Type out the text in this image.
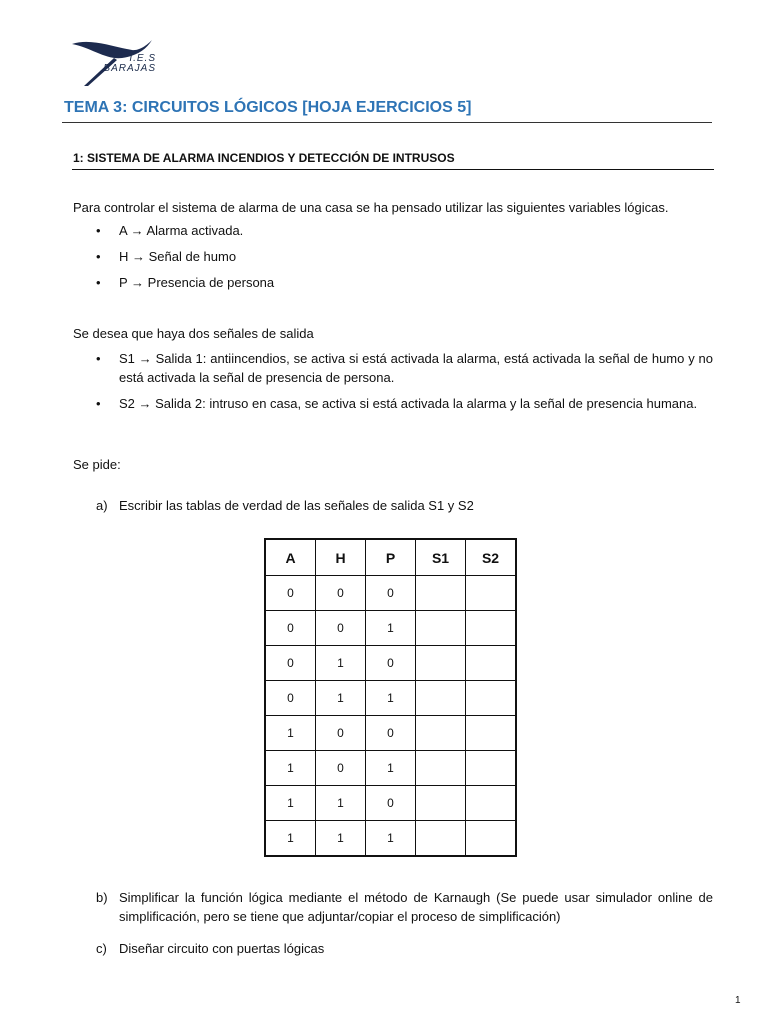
I.E.S
BARAJAS
TEMA 3: CIRCUITOS LÓGICOS [HOJA EJERCICIOS 5]
1: SISTEMA DE ALARMA INCENDIOS Y DETECCIÓN DE INTRUSOS
Para controlar el sistema de alarma de una casa se ha pensado utilizar las siguientes variables lógicas.
• A → Alarma activada.
• H → Señal de humo
• P → Presencia de persona
Se desea que haya dos señales de salida
• S1 → Salida 1: antiincendios, se activa si está activada la alarma, está activada la señal de humo y no está activada la señal de presencia de persona.
• S2 → Salida 2: intruso en casa, se activa si está activada la alarma y la señal de presencia humana.
Se pide:
a) Escribir las tablas de verdad de las señales de salida S1 y S2
A	H	P	S1	S2
0	0	0		
0	0	1		
0	1	0		
0	1	1		
1	0	0		
1	0	1		
1	1	0		
1	1	1		
b) Simplificar la función lógica mediante el método de Karnaugh (Se puede usar simulador online de simplificación, pero se tiene que adjuntar/copiar el proceso de simplificación)
c) Diseñar circuito con puertas lógicas
1
